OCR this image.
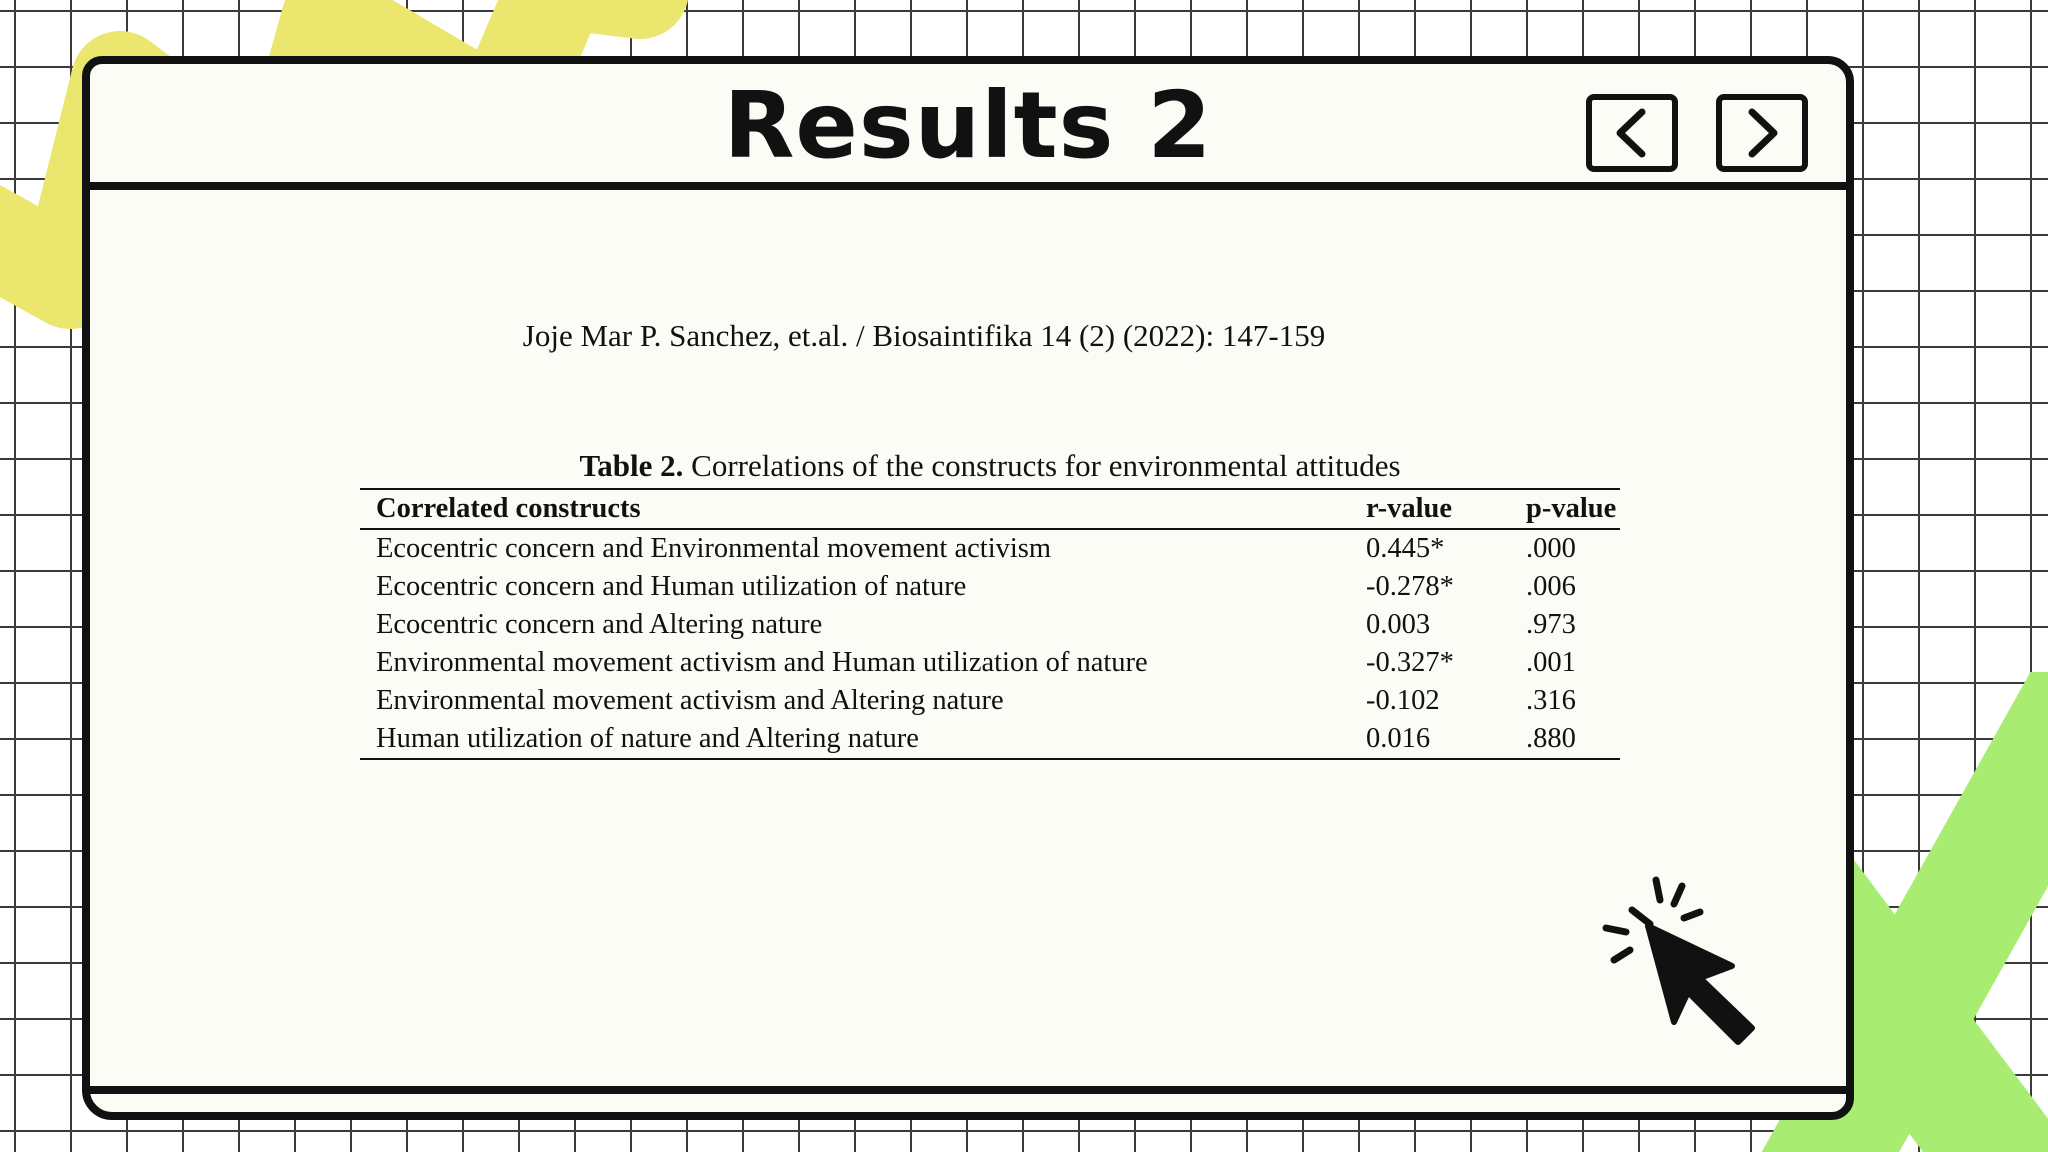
Results 2

Joje Mar P. Sanchez, et.al. / Biosaintifika 14 (2) (2022): 147-159

Table 2. Correlations of the constructs for environmental attitudes

Correlated constructs	r-value	p-value
Ecocentric concern and Environmental movement activism	0.445*	.000
Ecocentric concern and Human utilization of nature	-0.278*	.006
Ecocentric concern and Altering nature	0.003	.973
Environmental movement activism and Human utilization of nature	-0.327*	.001
Environmental movement activism and Altering nature	-0.102	.316
Human utilization of nature and Altering nature	0.016	.880
